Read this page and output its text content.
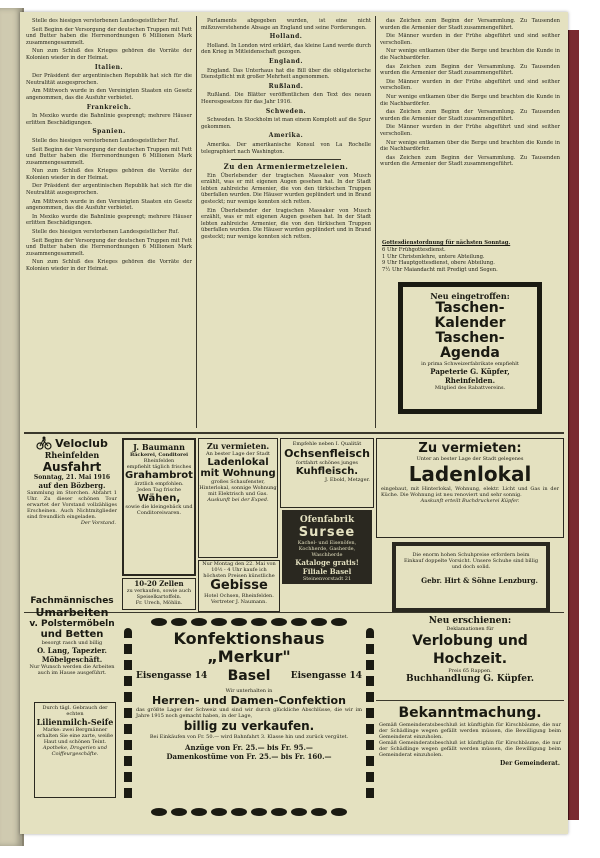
Stelle des hiesigen verstorbenen Landesgeistlicher Ruf.

Seit Beginn der Versorgung der deutschen Truppen mit Fett und Butter haben die Herrenordnungen 6 Millionen Mark zusammengesammelt.

Nun zum Schluß des Krieges gehören die Vorräte der Kolonien wieder in der Heimat.

Italien.

Der Präsident der argentinischen Republik hat sich für die Neutralität ausgesprochen.

Am Mittwoch wurde in den Vereinigten Staaten ein Gesetz angenommen, das die Ausfuhr verbietet.

Frankreich.

In Mexiko wurde die Bahnlinie gesprengt; mehrere Häuser erlitten Beschädigungen.

Spanien.

Stelle des hiesigen verstorbenen Landesgeistlicher Ruf.

Seit Beginn der Versorgung der deutschen Truppen mit Fett und Butter haben die Herrenordnungen 6 Millionen Mark zusammengesammelt.

Nun zum Schluß des Krieges gehören die Vorräte der Kolonien wieder in der Heimat.

Der Präsident der argentinischen Republik hat sich für die Neutralität ausgesprochen.

Am Mittwoch wurde in den Vereinigten Staaten ein Gesetz angenommen, das die Ausfuhr verbietet.

In Mexiko wurde die Bahnlinie gesprengt; mehrere Häuser erlitten Beschädigungen.

Stelle des hiesigen verstorbenen Landesgeistlicher Ruf.

Seit Beginn der Versorgung der deutschen Truppen mit Fett und Butter haben die Herrenordnungen 6 Millionen Mark zusammengesammelt.

Nun zum Schluß des Krieges gehören die Vorräte der Kolonien wieder in der Heimat.

Parlaments abgegeben wurden, ist eine nicht mißzuverstehende Absage an England und seine Forderungen.

Holland.

Holland. In London wird erklärt, das kleine Land werde durch den Krieg in Mitleidenschaft gezogen.

England.

England. Das Unterhaus hat die Bill über die obligatorische Dienstpflicht mit großer Mehrheit angenommen.

Rußland.

Rußland. Die Blätter veröffentlichen den Text des neuen Heeresgesetzes für das Jahr 1916.

Schweden.

Schweden. In Stockholm ist man einem Komplott auf die Spur gekommen.

Amerika.

Amerika. Der amerikanische Konsul von La Rochelle telegraphiert nach Washington.

Zu den Armeniermetzeleien.

Ein Überlebender der tragischen Massaker von Musch erzählt, was er mit eigenen Augen gesehen hat. In der Stadt lebten zahlreiche Armenier, die von den türkischen Truppen überfallen wurden. Die Häuser wurden geplündert und in Brand gesteckt; nur wenige konnten sich retten.

Ein Überlebender der tragischen Massaker von Musch erzählt, was er mit eigenen Augen gesehen hat. In der Stadt lebten zahlreiche Armenier, die von den türkischen Truppen überfallen wurden. Die Häuser wurden geplündert und in Brand gesteckt; nur wenige konnten sich retten.

das Zeichen zum Beginn der Versammlung. Zu Tausenden wurden die Armenier der Stadt zusammengeführt.

Die Männer wurden in der Frühe abgeführt und sind seither verschollen.

Nur wenige entkamen über die Berge und brachten die Kunde in die Nachbardörfer.

das Zeichen zum Beginn der Versammlung. Zu Tausenden wurden die Armenier der Stadt zusammengeführt.

Die Männer wurden in der Frühe abgeführt und sind seither verschollen.

Nur wenige entkamen über die Berge und brachten die Kunde in die Nachbardörfer.

das Zeichen zum Beginn der Versammlung. Zu Tausenden wurden die Armenier der Stadt zusammengeführt.

Die Männer wurden in der Frühe abgeführt und sind seither verschollen.

Nur wenige entkamen über die Berge und brachten die Kunde in die Nachbardörfer.

das Zeichen zum Beginn der Versammlung. Zu Tausenden wurden die Armenier der Stadt zusammengeführt.

Gottesdienstordnung für nächsten Sonntag.
6 Uhr Frühgottesdienst.
1 Uhr Christenlehre, untere Abteilung.
9 Uhr Hauptgottesdienst, obere Abteilung.
7½ Uhr Maiandacht mit Predigt und Segen.
Neu eingetroffen:
Taschen-
Kalender
Taschen-
Agenda
in prima Schweizerfabrikate empfiehlt
Papeterie G. Küpfer,
Rheinfelden.
Mitglied des Rabattvereins.
Veloclub
Rheinfelden
Ausfahrt
Sonntag, 21. Mai 1916
auf den Bözberg.
Sammlung im Storchen. Abfahrt 1 Uhr. Zu dieser schönen Tour erwartet der Vorstand vollzähliges Erscheinen. Auch Nichtmitglieder sind freundlich eingeladen.
Der Vorstand.
J. Baumann
Bäckerei, Conditorei
Rheinfelden
empfiehlt täglich frisches
Grahambrot
ärztlich empfohlen.
Jeden Tag frische
Wähen,
sowie die kleingebäck und Conditoreiwaren.
10-20 Zellen
zu verkaufen, sowie auch Speiselkartoffeln.
Fr. Urech, Möhlin.
Zu vermieten.
An bester Lage der Stadt
Ladenlokal mit Wohnung
großes Schaufenster, Hinterlokal, sonnige Wohnung mit Elektrisch und Gas.
Auskunft bei der Exped.
Empfehle neben I. Qualität
Ochsenfleisch
fortfahrt schönes junges
Kuhfleisch.
J. Ebold, Metzger.
Ofenfabrik
Sursee
Kachel- und Eisenöfen, Kochherde, Gasherde, Waschherde
Kataloge gratis!
Filiale Basel
Steinenvorstadt 21
Nur Montag den 22. Mai von 10½ - 4 Uhr kaufe ich höchsten Preisen künstliche
Gebisse
Hotel Ochsen, Rheinfelden.
Vertreter J. Naumann.
Zu vermieten:
Unter an bester Lage der Stadt gelegenes
Ladenlokal
eingebaut, mit Hinterlokal, Wohnung, elektr. Licht und Gas in der Küche. Die Wohnung ist neu renoviert und sehr sonnig.
Auskunft erteilt Buchdruckerei Küpfer.
Die enorm hohen Schuhpreise erfordern beim Einkauf doppelte Vorsicht. Unsere Schuhe sind billig und doch solid.
Gebr. Hirt & Söhne Lenzburg.
Fachmännisches
Umarbeiten
v. Polstermöbeln
und Betten
besorgt rasch und billig
O. Lang, Tapezier.
Möbelgeschäft.
Nur Wunsch werden die Arbeiten auch im Hause ausgeführt.
Durch tägl. Gebrauch der echten
Lilienmilch-Seife
Marke: zwei Bergmänner erhalten Sie eine zarte, weiße Haut und schönen Teint.
Apotheke, Drogerien und Coiffeurgeschäfte.
Konfektionshaus „Merkur"
Eisengasse 14 Basel Eisengasse 14
Wir unterhalten in
Herren- und Damen-Confektion
das größte Lager der Schweiz und sind wir durch glückliche Abschlüsse, die wir im Jahre 1915 noch gemacht haben, in der Lage,
billig zu verkaufen.
Bei Einkäufen von Fr. 50.— wird Bahnfahrt 3. Klasse hin und zurück vergütet.
Anzüge von Fr. 25.— bis Fr. 95.—
Damenkostüme von Fr. 25.— bis Fr. 160.—
Neu erschienen:
Deklamationen für
Verlobung und Hochzeit.
Preis 65 Rappen.
Buchhandlung G. Küpfer.
Bekanntmachung.
Gemäß Gemeinderatsbeschluß ist künftighin für Kirschbäume, die nur der Schädlinge wegen gefällt werden müssen, die Bewilligung beim Gemeinderat einzuholen.
Gemäß Gemeinderatsbeschluß ist künftighin für Kirschbäume, die nur der Schädlinge wegen gefällt werden müssen, die Bewilligung beim Gemeinderat einzuholen.
Der Gemeinderat.
